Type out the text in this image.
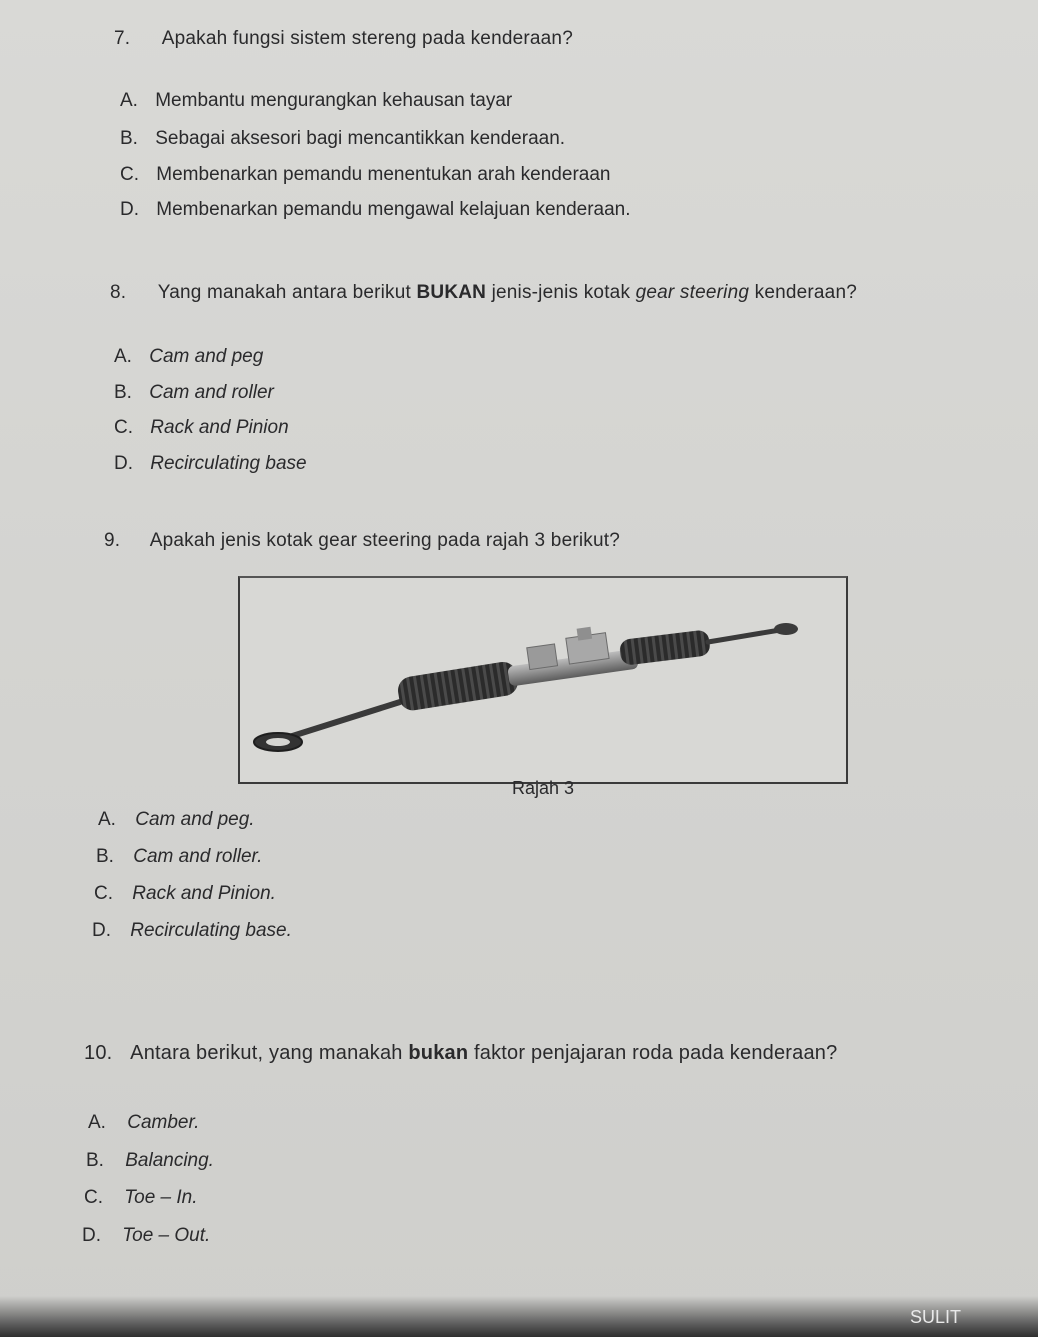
7. Apakah fungsi sistem stereng pada kenderaan?
A. Membantu mengurangkan kehausan tayar
B. Sebagai aksesori bagi mencantikkan kenderaan.
C. Membenarkan pemandu menentukan arah kenderaan
D. Membenarkan pemandu mengawal kelajuan kenderaan.
8. Yang manakah antara berikut BUKAN jenis-jenis kotak gear steering kenderaan?
A. Cam and peg
B. Cam and roller
C. Rack and Pinion
D. Recirculating base
9. Apakah jenis kotak gear steering pada rajah 3 berikut?
Rajah 3
A. Cam and peg.
B. Cam and roller.
C. Rack and Pinion.
D. Recirculating base.
10. Antara berikut, yang manakah bukan faktor penjajaran roda pada kenderaan?
A. Camber.
B. Balancing.
C. Toe – In.
D. Toe – Out.
SULIT
